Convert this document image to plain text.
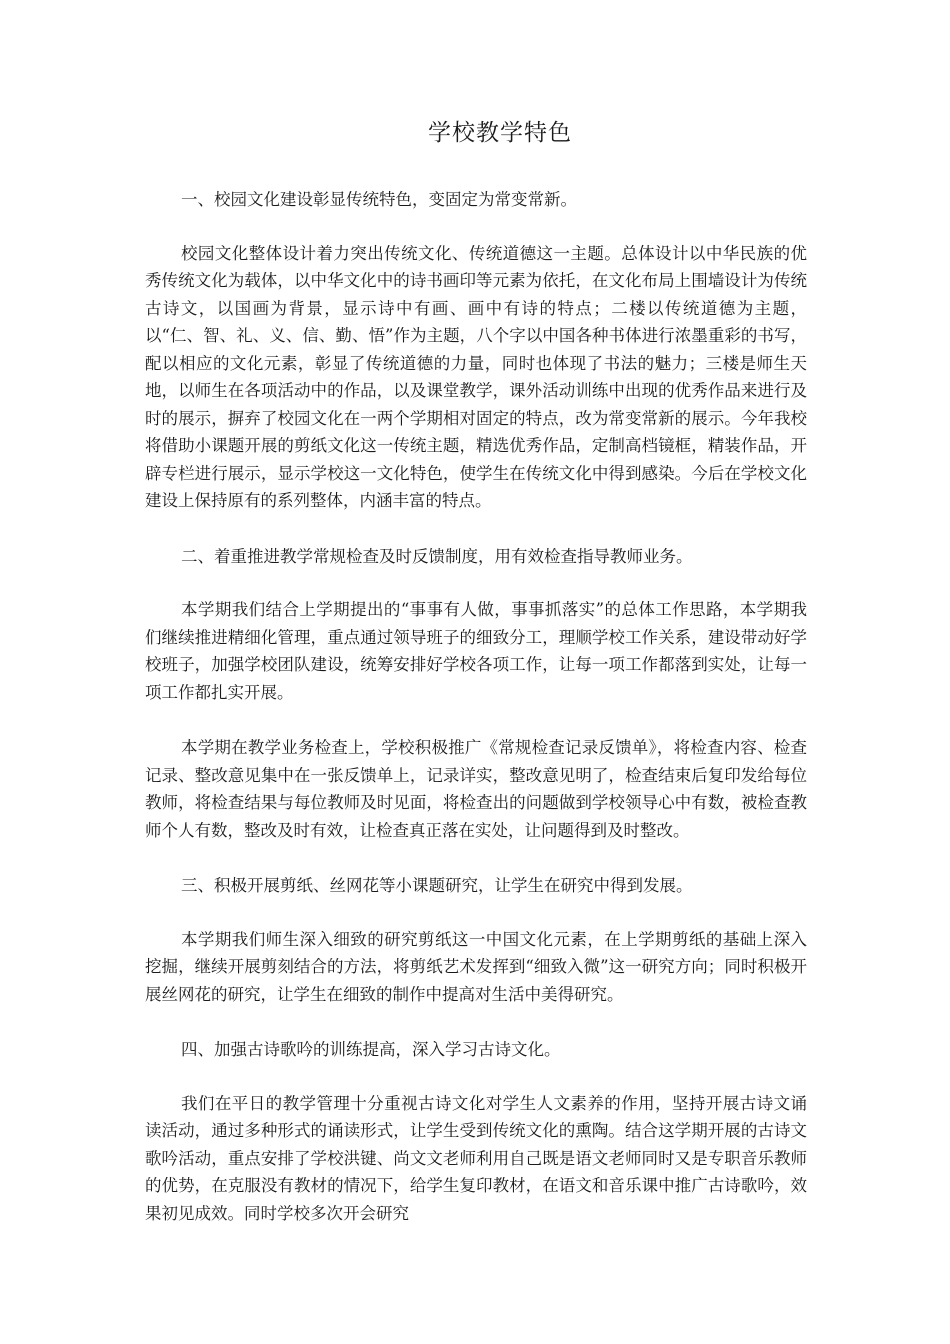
学校教学特色

一、校园文化建设彰显传统特色，变固定为常变常新。

校园文化整体设计着力突出传统文化、传统道德这一主题。总体设计以中华民族的优秀传统文化为载体，以中华文化中的诗书画印等元素为依托，在文化布局上围墙设计为传统古诗文，以国画为背景，显示诗中有画、画中有诗的特点；二楼以传统道德为主题，以“仁、智、礼、义、信、勤、悟”作为主题，八个字以中国各种书体进行浓墨重彩的书写，配以相应的文化元素，彰显了传统道德的力量，同时也体现了书法的魅力；三楼是师生天地，以师生在各项活动中的作品，以及课堂教学，课外活动训练中出现的优秀作品来进行及时的展示，摒弃了校园文化在一两个学期相对固定的特点，改为常变常新的展示。今年我校将借助小课题开展的剪纸文化这一传统主题，精选优秀作品，定制高档镜框，精装作品，开辟专栏进行展示，显示学校这一文化特色，使学生在传统文化中得到感染。今后在学校文化建设上保持原有的系列整体，内涵丰富的特点。

二、着重推进教学常规检查及时反馈制度，用有效检查指导教师业务。

本学期我们结合上学期提出的“事事有人做，事事抓落实”的总体工作思路，本学期我们继续推进精细化管理，重点通过领导班子的细致分工，理顺学校工作关系，建设带动好学校班子，加强学校团队建设，统筹安排好学校各项工作，让每一项工作都落到实处，让每一项工作都扎实开展。

本学期在教学业务检查上，学校积极推广《常规检查记录反馈单》，将检查内容、检查记录、整改意见集中在一张反馈单上，记录详实，整改意见明了，检查结束后复印发给每位教师，将检查结果与每位教师及时见面，将检查出的问题做到学校领导心中有数，被检查教师个人有数，整改及时有效，让检查真正落在实处，让问题得到及时整改。

三、积极开展剪纸、丝网花等小课题研究，让学生在研究中得到发展。

本学期我们师生深入细致的研究剪纸这一中国文化元素，在上学期剪纸的基础上深入挖掘，继续开展剪刻结合的方法，将剪纸艺术发挥到“细致入微”这一研究方向；同时积极开展丝网花的研究，让学生在细致的制作中提高对生活中美得研究。

四、加强古诗歌吟的训练提高，深入学习古诗文化。

我们在平日的教学管理十分重视古诗文化对学生人文素养的作用，坚持开展古诗文诵读活动，通过多种形式的诵读形式，让学生受到传统文化的熏陶。结合这学期开展的古诗文歌吟活动，重点安排了学校洪键、尚文文老师利用自己既是语文老师同时又是专职音乐教师的优势，在克服没有教材的情况下，给学生复印教材，在语文和音乐课中推广古诗歌吟，效果初见成效。同时学校多次开会研究
